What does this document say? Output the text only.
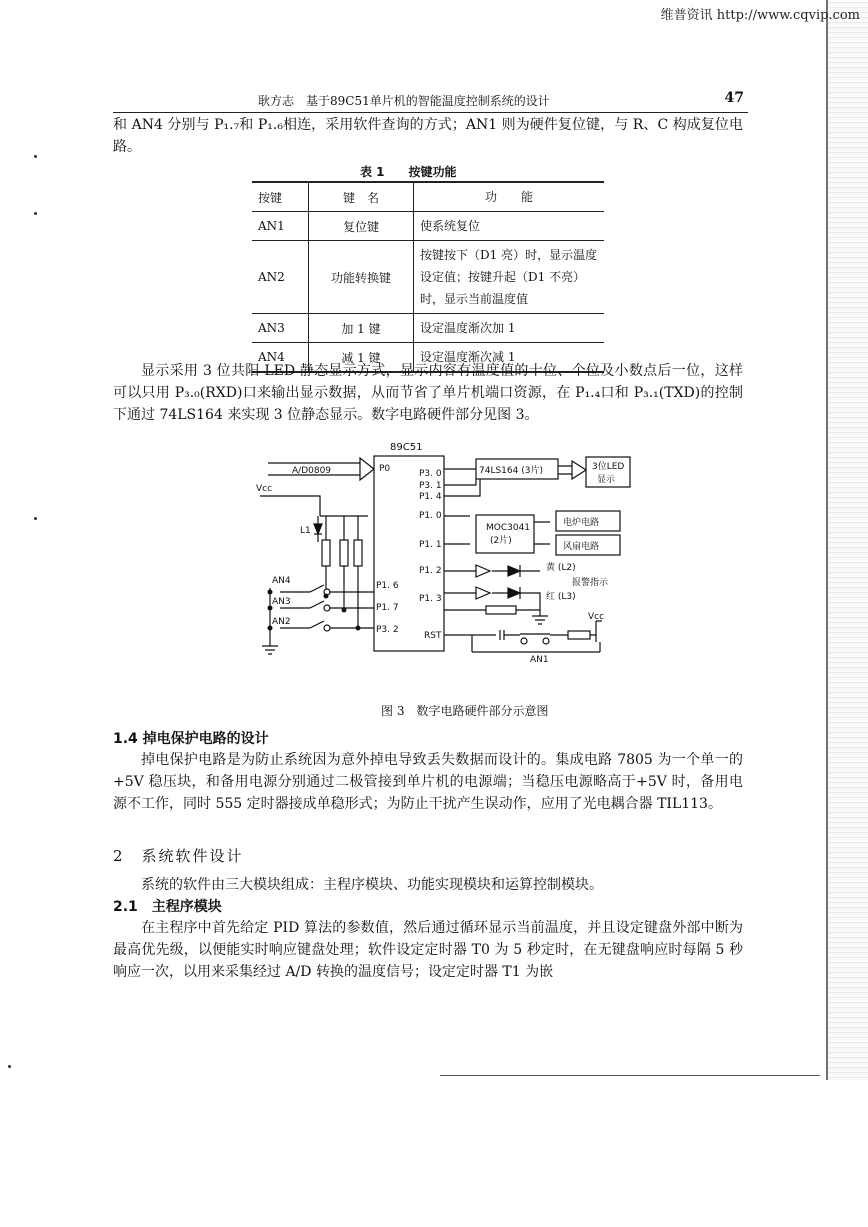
维普资讯 http://www.cqvip.com
耿方志　基于89C51单片机的智能温度控制系统的设计	47

和 AN4 分别与 P₁.₇和 P₁.₆相连，采用软件查询的方式；AN1 则为硬件复位键，与 R、C 构成复位电路。

表 1　　按键功能
按键	键　名	功　　能
AN1	复位键	使系统复位
AN2	功能转换键	按键按下（D1 亮）时，显示温度设定值；按键升起（D1 不亮）时，显示当前温度值
AN3	加 1 键	设定温度渐次加 1
AN4	减 1 键	设定温度渐次减 1

显示采用 3 位共阳 LED 静态显示方式，显示内容有温度值的十位、个位及小数点后一位，这样可以只用 P₃.₀(RXD)口来输出显示数据，从而节省了单片机端口资源，在 P₁.₄口和 P₃.₁(TXD)的控制下通过 74LS164 来实现 3 位静态显示。数字电路硬件部分见图 3。

89C51
A/D0809	P0	P3. 0
P3. 1
P1. 4
P1. 0
P1. 1
P1. 2
P1. 3
RST
P1. 6
P1. 7
P3. 2
74LS164 (3片)	3位LED
显示
MOC3041
(2片)
电炉电路
风扇电路
黄 (L2)
报警指示
红 (L3)
Vcc
Vcc
L1
AN4
AN3
AN2
AN1
图 3　数字电路硬件部分示意图
1.4 掉电保护电路的设计

掉电保护电路是为防止系统因为意外掉电导致丢失数据而设计的。集成电路 7805 为一个单一的+5V 稳压块，和备用电源分别通过二极管接到单片机的电源端；当稳压电源略高于+5V 时，备用电源不工作，同时 555 定时器接成单稳形式；为防止干扰产生误动作，应用了光电耦合器 TIL113。

2　系统软件设计

系统的软件由三大模块组成：主程序模块、功能实现模块和运算控制模块。

2.1　主程序模块

在主程序中首先给定 PID 算法的参数值，然后通过循环显示当前温度，并且设定键盘外部中断为最高优先级，以便能实时响应键盘处理；软件设定定时器 T0 为 5 秒定时，在无键盘响应时每隔 5 秒响应一次，以用来采集经过 A/D 转换的温度信号；设定定时器 T1 为嵌
